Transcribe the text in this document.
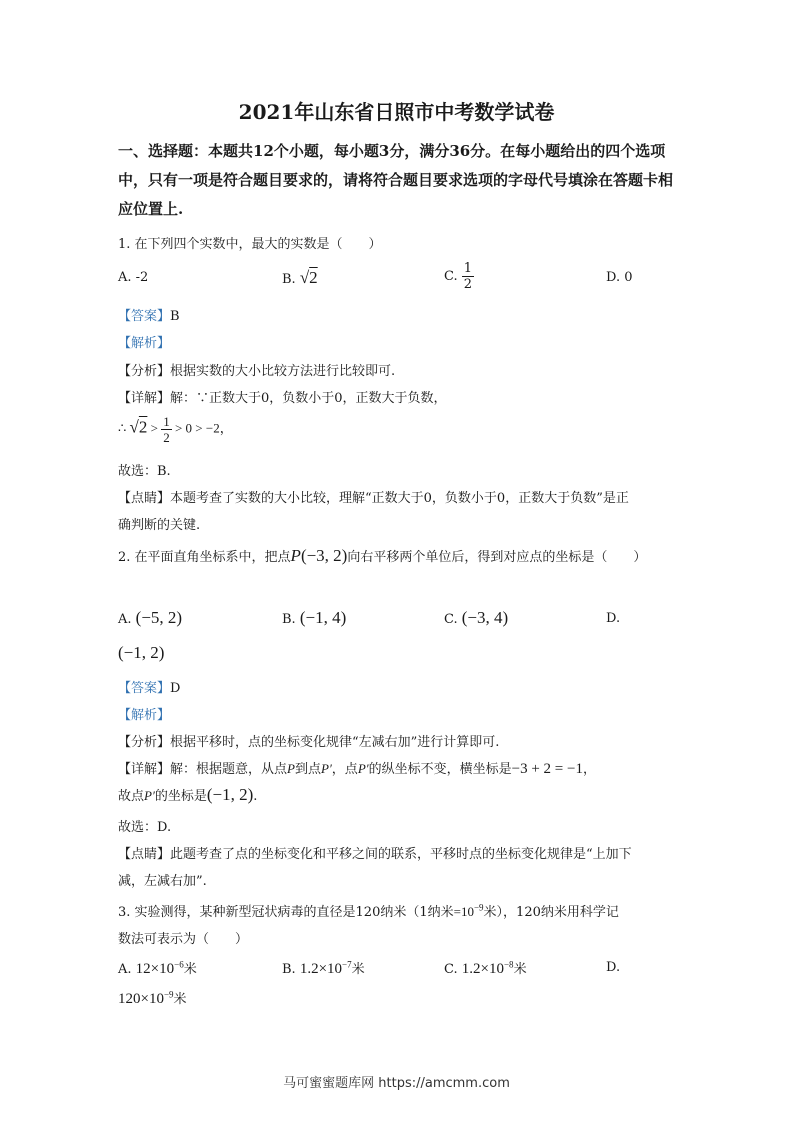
2021年山东省日照市中考数学试卷
一、选择题：本题共12个小题，每小题3分，满分36分。在每小题给出的四个选项中，只有一项是符合题目要求的，请将符合题目要求选项的字母代号填涂在答题卡相应位置上.
1. 在下列四个实数中，最大的实数是（　　）
A. -2	B. √2	C. $\frac{1}{2}$	D. 0
【答案】B
【解析】
【分析】根据实数的大小比较方法进行比较即可.
【详解】解：∵正数大于0，负数小于0，正数大于负数，
∴ $√2 > \frac{1}{2} > 0 > -2$，
故选：B.
【点睛】本题考查了实数的大小比较，理解“正数大于0，负数小于0，正数大于负数”是正
确判断的关键.
2. 在平面直角坐标系中，把点P(−3, 2)向右平移两个单位后，得到对应点的坐标是（　　）
A. (−5, 2)	B. (−1, 4)	C. (−3, 4)	D.
(−1, 2)
【答案】D
【解析】
【分析】根据平移时，点的坐标变化规律“左减右加”进行计算即可.
【详解】解：根据题意，从点P到点P′，点P′的纵坐标不变，横坐标是−3 + 2 = −1，
故点P′的坐标是(−1, 2).
故选：D.
【点睛】此题考查了点的坐标变化和平移之间的联系，平移时点的坐标变化规律是“上加下
减，左减右加”.
3. 实验测得，某种新型冠状病毒的直径是120纳米（1纳米$=10^{-9}$米），120纳米用科学记
数法可表示为（　　）
A. $12\times 10^{-6}$米	B. $1.2\times 10^{-7}$米	C. $1.2\times 10^{-8}$米	D.
$120\times 10^{-9}$米
马可蜜蜜题库网 https://amcmm.com
